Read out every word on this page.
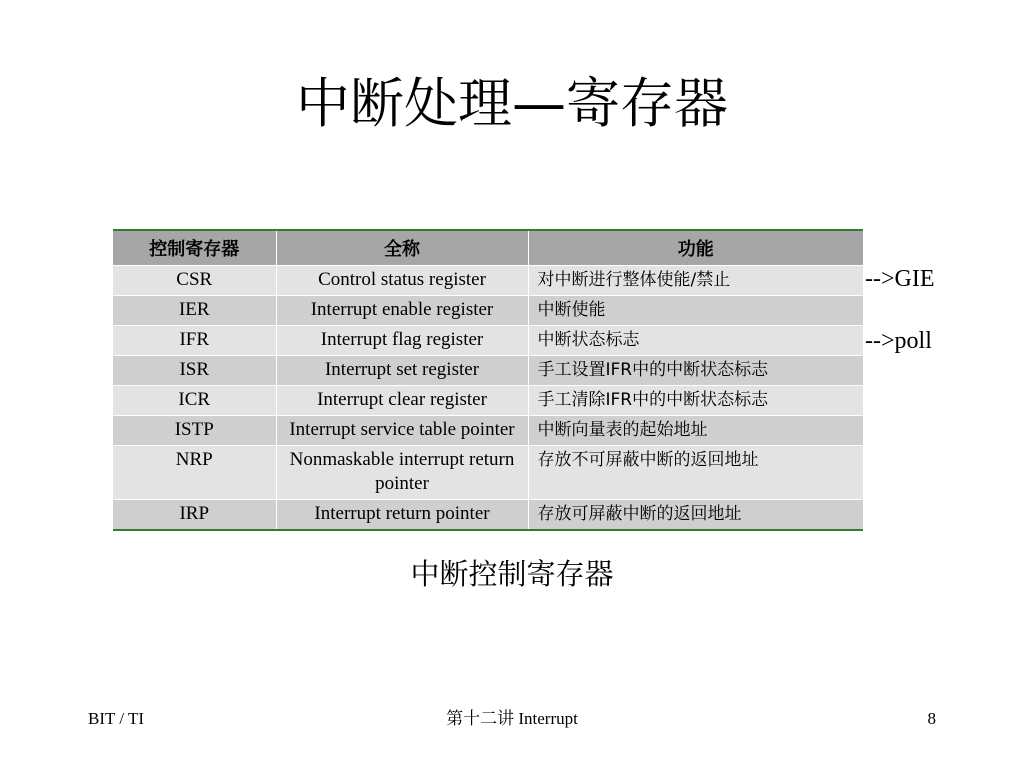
中断处理—寄存器
控制寄存器	全称	功能
CSR	Control status register	对中断进行整体使能/禁止
IER	Interrupt enable register	中断使能
IFR	Interrupt flag register	中断状态标志
ISR	Interrupt set register	手工设置IFR中的中断状态标志
ICR	Interrupt clear register	手工清除IFR中的中断状态标志
ISTP	Interrupt service table pointer	中断向量表的起始地址
NRP	Nonmaskable interrupt return pointer	存放不可屏蔽中断的返回地址
IRP	Interrupt return pointer	存放可屏蔽中断的返回地址
-->GIE
-->poll
中断控制寄存器
BIT / TI	第十二讲 Interrupt	8
